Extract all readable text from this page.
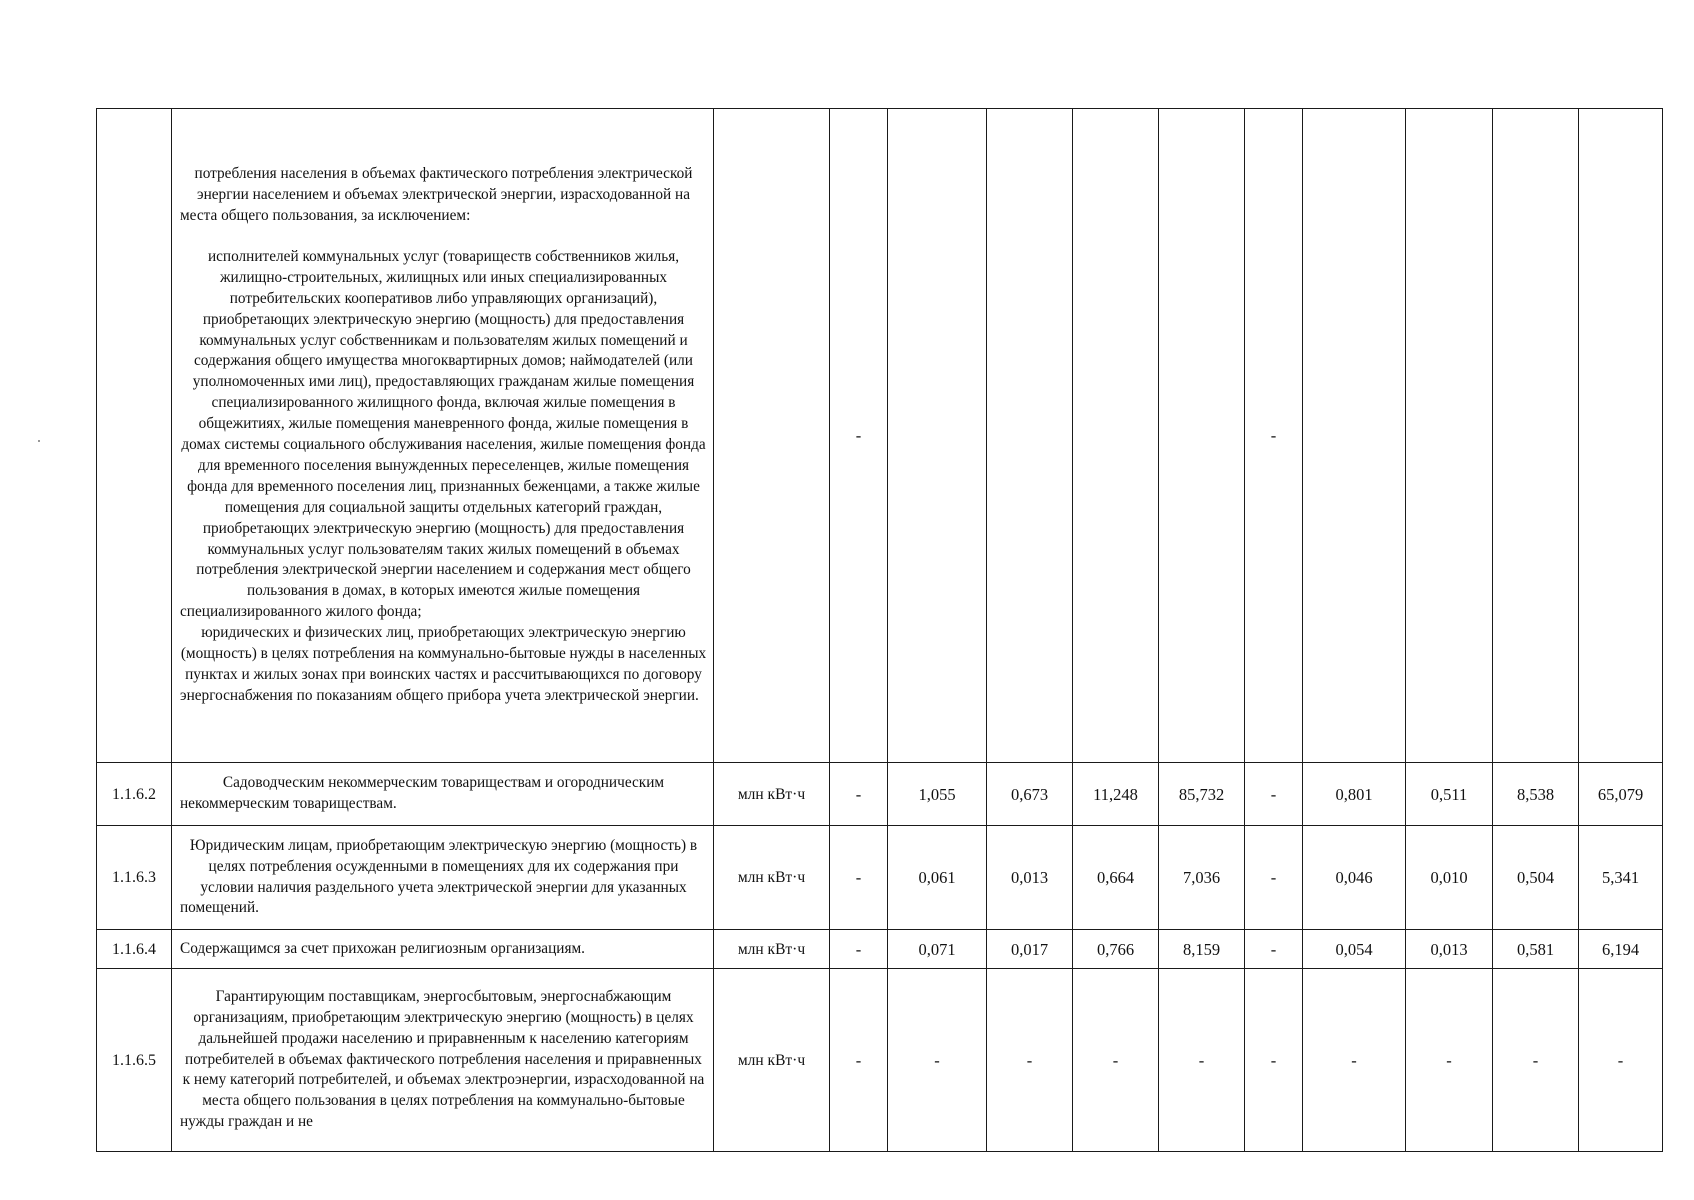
	потребления населения в объемах фактического потребления электрической энергии населением и объемах электрической энергии, израсходованной на места общего пользования, за исключением:

исполнителей коммунальных услуг (товариществ собственников жилья, жилищно-строительных, жилищных или иных специализированных потребительских кооперативов либо управляющих организаций), приобретающих электрическую энергию (мощность) для предоставления коммунальных услуг собственникам и пользователям жилых помещений и содержания общего имущества многоквартирных домов; наймодателей (или уполномоченных ими лиц), предоставляющих гражданам жилые помещения специализированного жилищного фонда, включая жилые помещения в общежитиях, жилые помещения маневренного фонда, жилые помещения в домах системы социального обслуживания населения, жилые помещения фонда для временного поселения вынужденных переселенцев, жилые помещения фонда для временного поселения лиц, признанных беженцами, а также жилые помещения для социальной защиты отдельных категорий граждан, приобретающих электрическую энергию (мощность) для предоставления коммунальных услуг пользователям таких жилых помещений в объемах потребления электрической энергии населением и содержания мест общего пользования в домах, в которых имеются жилые помещения специализированного жилого фонда;

юридических и физических лиц, приобретающих электрическую энергию (мощность) в целях потребления на коммунально-бытовые нужды в населенных пунктах и жилых зонах при воинских частях и рассчитывающихся по договору энергоснабжения по показаниям общего прибора учета электрической энергии.		-					-				
1.1.6.2	Садоводческим некоммерческим товариществам и огородническим некоммерческим товариществам.	млн кВт·ч	-	1,055	0,673	11,248	85,732	-	0,801	0,511	8,538	65,079
1.1.6.3	Юридическим лицам, приобретающим электрическую энергию (мощность) в целях потребления осужденными в помещениях для их содержания при условии наличия раздельного учета электрической энергии для указанных помещений.	млн кВт·ч	-	0,061	0,013	0,664	7,036	-	0,046	0,010	0,504	5,341
1.1.6.4	Содержащимся за счет прихожан религиозным организациям.	млн кВт·ч	-	0,071	0,017	0,766	8,159	-	0,054	0,013	0,581	6,194
1.1.6.5	Гарантирующим поставщикам, энергосбытовым, энергоснабжающим организациям, приобретающим электрическую энергию (мощность) в целях дальнейшей продажи населению и приравненным к населению категориям потребителей в объемах фактического потребления населения и приравненных к нему категорий потребителей, и объемах электроэнергии, израсходованной на места общего пользования в целях потребления на коммунально-бытовые нужды граждан и не	млн кВт·ч	-	-	-	-	-	-	-	-	-	-
